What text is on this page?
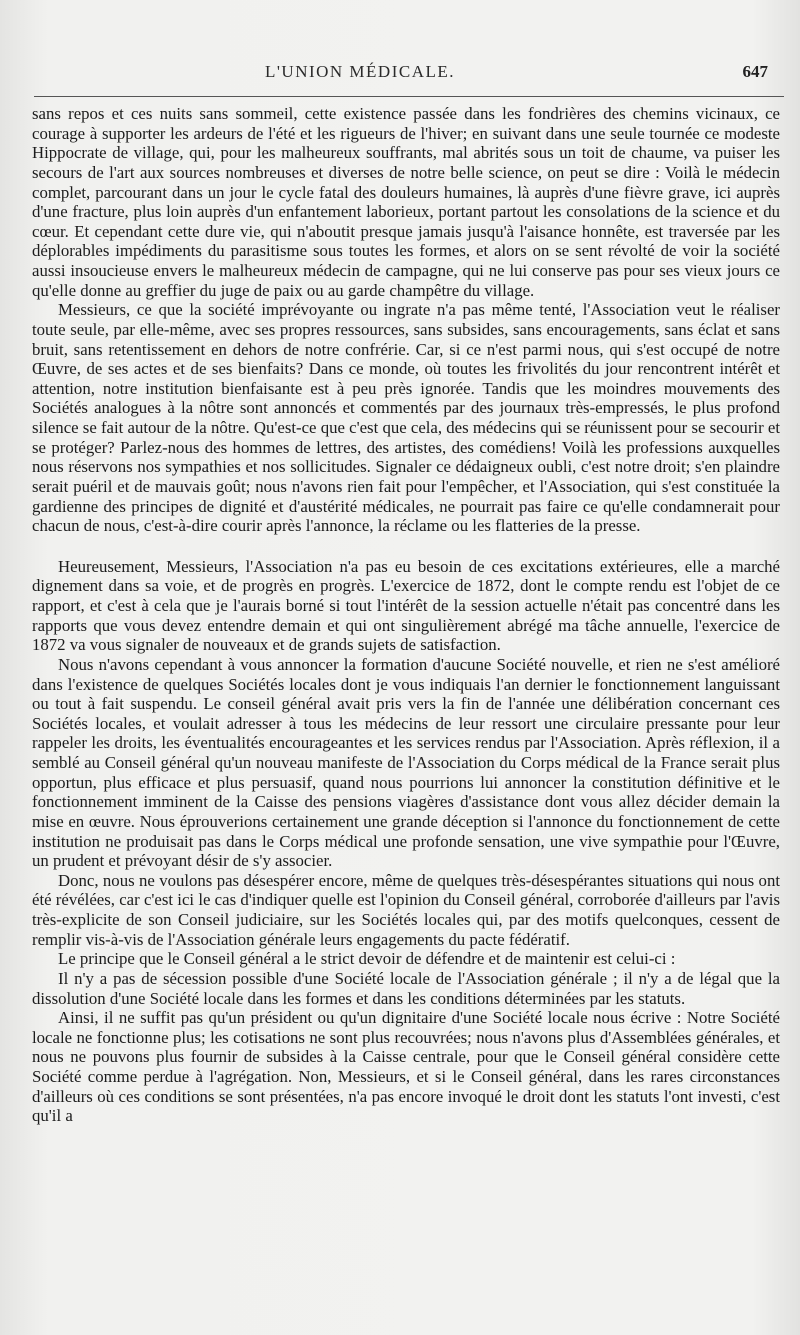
L'UNION MÉDICALE.	647

sans repos et ces nuits sans sommeil, cette existence passée dans les fondrières des chemins vicinaux, ce courage à supporter les ardeurs de l'été et les rigueurs de l'hiver; en suivant dans une seule tournée ce modeste Hippocrate de village, qui, pour les malheureux souffrants, mal abrités sous un toit de chaume, va puiser les secours de l'art aux sources nombreuses et diverses de notre belle science, on peut se dire : Voilà le médecin complet, parcourant dans un jour le cycle fatal des douleurs humaines, là auprès d'une fièvre grave, ici auprès d'une fracture, plus loin auprès d'un enfantement laborieux, portant partout les consolations de la science et du cœur. Et cependant cette dure vie, qui n'aboutit presque jamais jusqu'à l'aisance honnête, est traversée par les déplorables impédiments du parasitisme sous toutes les formes, et alors on se sent révolté de voir la société aussi insoucieuse envers le malheureux médecin de campagne, qui ne lui conserve pas pour ses vieux jours ce qu'elle donne au greffier du juge de paix ou au garde champêtre du village.

Messieurs, ce que la société imprévoyante ou ingrate n'a pas même tenté, l'Association veut le réaliser toute seule, par elle-même, avec ses propres ressources, sans subsides, sans encouragements, sans éclat et sans bruit, sans retentissement en dehors de notre confrérie. Car, si ce n'est parmi nous, qui s'est occupé de notre Œuvre, de ses actes et de ses bienfaits? Dans ce monde, où toutes les frivolités du jour rencontrent intérêt et attention, notre institution bienfaisante est à peu près ignorée. Tandis que les moindres mouvements des Sociétés analogues à la nôtre sont annoncés et commentés par des journaux très-empressés, le plus profond silence se fait autour de la nôtre. Qu'est-ce que c'est que cela, des médecins qui se réunissent pour se secourir et se protéger? Parlez-nous des hommes de lettres, des artistes, des comédiens! Voilà les professions auxquelles nous réservons nos sympathies et nos sollicitudes. Signaler ce dédaigneux oubli, c'est notre droit; s'en plaindre serait puéril et de mauvais goût; nous n'avons rien fait pour l'empêcher, et l'Association, qui s'est constituée la gardienne des principes de dignité et d'austérité médicales, ne pourrait pas faire ce qu'elle condamnerait pour chacun de nous, c'est-à-dire courir après l'annonce, la réclame ou les flatteries de la presse.

Heureusement, Messieurs, l'Association n'a pas eu besoin de ces excitations extérieures, elle a marché dignement dans sa voie, et de progrès en progrès. L'exercice de 1872, dont le compte rendu est l'objet de ce rapport, et c'est à cela que je l'aurais borné si tout l'intérêt de la session actuelle n'était pas concentré dans les rapports que vous devez entendre demain et qui ont singulièrement abrégé ma tâche annuelle, l'exercice de 1872 va vous signaler de nouveaux et de grands sujets de satisfaction.

Nous n'avons cependant à vous annoncer la formation d'aucune Société nouvelle, et rien ne s'est amélioré dans l'existence de quelques Sociétés locales dont je vous indiquais l'an dernier le fonctionnement languissant ou tout à fait suspendu. Le conseil général avait pris vers la fin de l'année une délibération concernant ces Sociétés locales, et voulait adresser à tous les médecins de leur ressort une circulaire pressante pour leur rappeler les droits, les éventualités encourageantes et les services rendus par l'Association. Après réflexion, il a semblé au Conseil général qu'un nouveau manifeste de l'Association du Corps médical de la France serait plus opportun, plus efficace et plus persuasif, quand nous pourrions lui annoncer la constitution définitive et le fonctionnement imminent de la Caisse des pensions viagères d'assistance dont vous allez décider demain la mise en œuvre. Nous éprouverions certainement une grande déception si l'annonce du fonctionnement de cette institution ne produisait pas dans le Corps médical une profonde sensation, une vive sympathie pour l'Œuvre, un prudent et prévoyant désir de s'y associer.

Donc, nous ne voulons pas désespérer encore, même de quelques très-désespérantes situations qui nous ont été révélées, car c'est ici le cas d'indiquer quelle est l'opinion du Conseil général, corroborée d'ailleurs par l'avis très-explicite de son Conseil judiciaire, sur les Sociétés locales qui, par des motifs quelconques, cessent de remplir vis-à-vis de l'Association générale leurs engagements du pacte fédératif.

Le principe que le Conseil général a le strict devoir de défendre et de maintenir est celui-ci :

Il n'y a pas de sécession possible d'une Société locale de l'Association générale ; il n'y a de légal que la dissolution d'une Société locale dans les formes et dans les conditions déterminées par les statuts.

Ainsi, il ne suffit pas qu'un président ou qu'un dignitaire d'une Société locale nous écrive : Notre Société locale ne fonctionne plus; les cotisations ne sont plus recouvrées; nous n'avons plus d'Assemblées générales, et nous ne pouvons plus fournir de subsides à la Caisse centrale, pour que le Conseil général considère cette Société comme perdue à l'agrégation. Non, Messieurs, et si le Conseil général, dans les rares circonstances d'ailleurs où ces conditions se sont présentées, n'a pas encore invoqué le droit dont les statuts l'ont investi, c'est qu'il a
